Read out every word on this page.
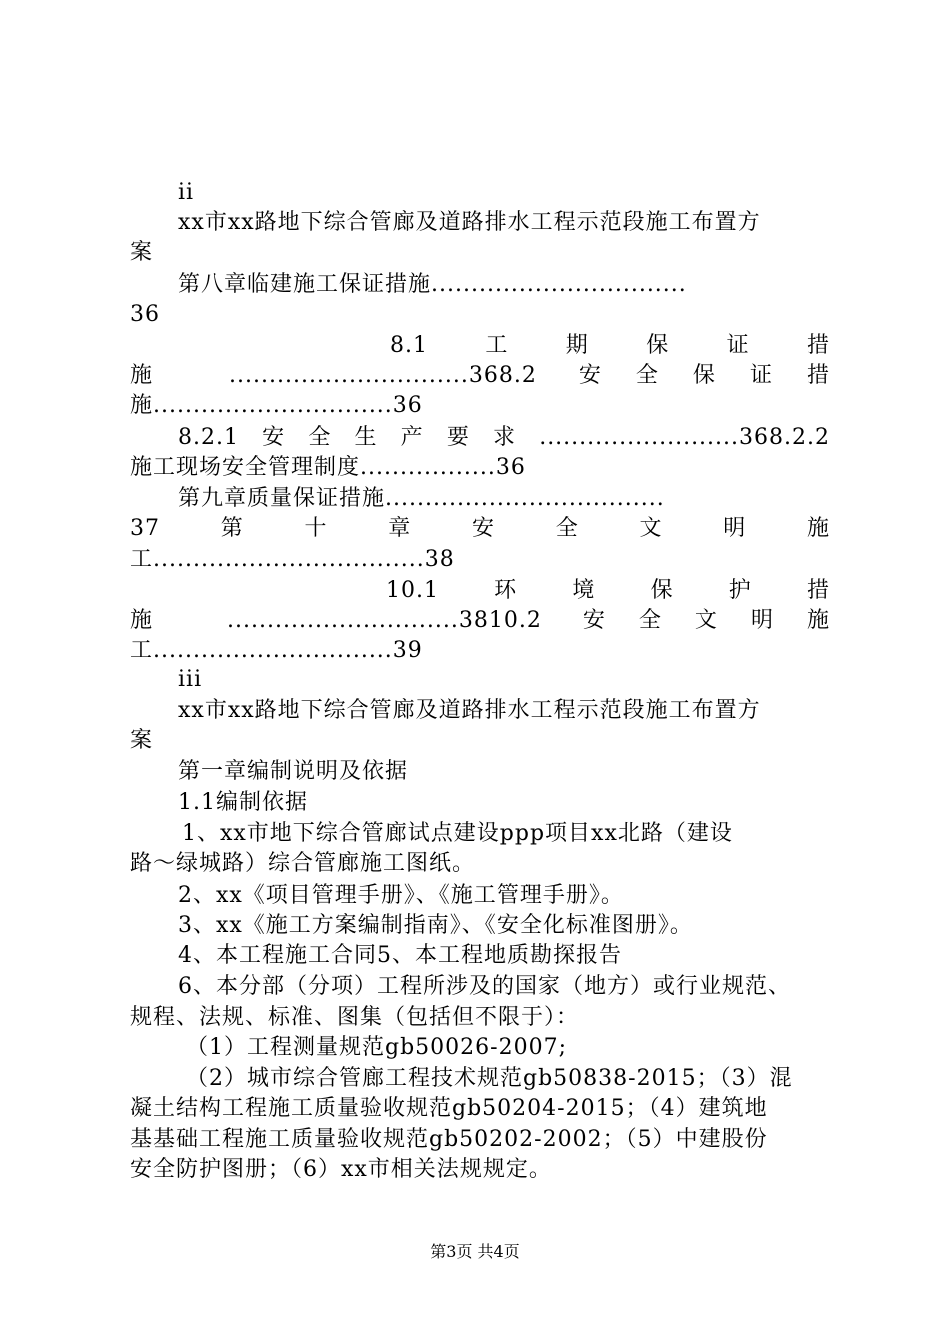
ii
xx市xx路地下综合管廊及道路排水工程示范段施工布置方
案
第八章临建施工保证措施................................
36
8.1　工　期　保　证　措
施 ..............................368.2 安全保证措
施..............................36
8.2.1安全生产要求.........................368.2.2
施工现场安全管理制度.................36
第九章质量保证措施...................................
37　第　十　章　安　全　文　明　施
工..................................38
10.1　环　境　保　护　措
施 .............................3810.2 安全文明施
工..............................39
iii
xx市xx路地下综合管廊及道路排水工程示范段施工布置方
案
第一章编制说明及依据
1.1编制依据
1、xx市地下综合管廊试点建设ppp项目xx北路（建设
路～绿城路）综合管廊施工图纸。
2、xx《项目管理手册》、《施工管理手册》。
3、xx《施工方案编制指南》、《安全化标准图册》。
4、本工程施工合同5、本工程地质勘探报告
6、本分部（分项）工程所涉及的国家（地方）或行业规范、
规程、法规、标准、图集（包括但不限于）：
（1）工程测量规范gb50026-2007;
（2）城市综合管廊工程技术规范gb50838-2015；（3）混
凝土结构工程施工质量验收规范gb50204-2015；（4）建筑地
基基础工程施工质量验收规范gb50202-2002；（5）中建股份
安全防护图册；（6）xx市相关法规规定。
第3页 共4页
